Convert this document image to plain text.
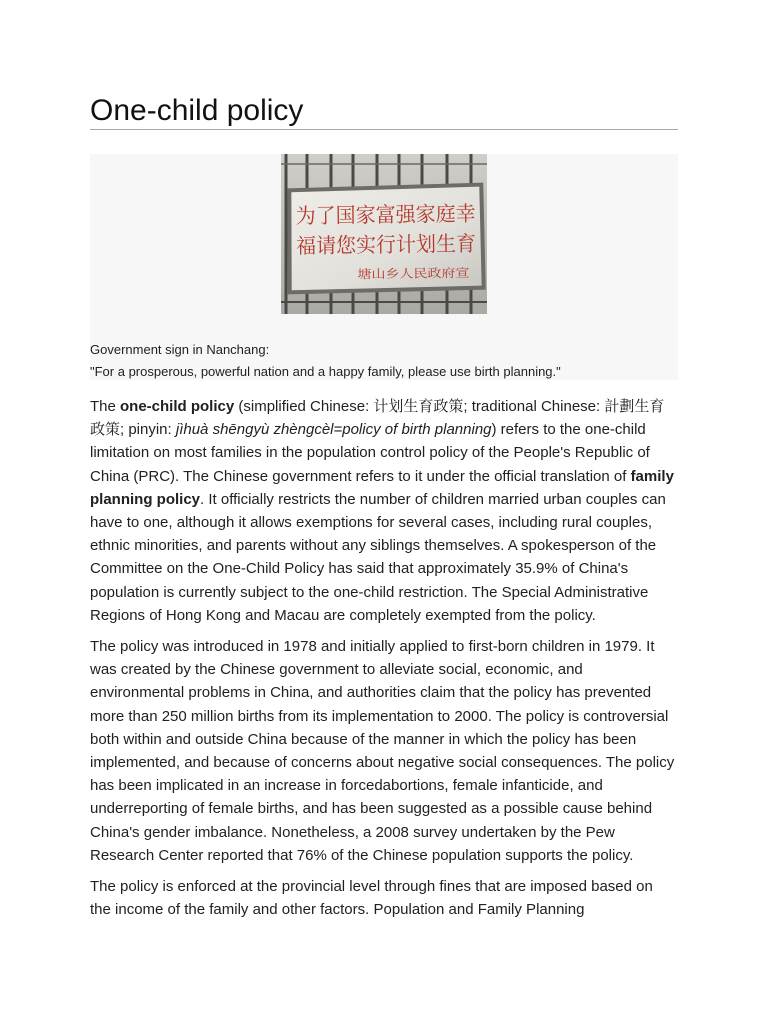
One-child policy
为了国家富强家庭幸
福请您实行计划生育
塘山乡人民政府宣
Government sign in Nanchang:
"For a prosperous, powerful nation and a happy family, please use birth planning."
The one-child policy (simplified Chinese: 计划生育政策; traditional Chinese: 計劃生育
政策; pinyin: jìhuà shēngyù zhèngcèl=policy of birth planning) refers to the one-child
limitation on most families in the population control policy of the People's Republic of
China (PRC). The Chinese government refers to it under the official translation of family
planning policy. It officially restricts the number of children married urban couples can
have to one, although it allows exemptions for several cases, including rural couples,
ethnic minorities, and parents without any siblings themselves. A spokesperson of the
Committee on the One-Child Policy has said that approximately 35.9% of China's
population is currently subject to the one-child restriction. The Special Administrative
Regions of Hong Kong and Macau are completely exempted from the policy.
The policy was introduced in 1978 and initially applied to first-born children in 1979. It
was created by the Chinese government to alleviate social, economic, and
environmental problems in China, and authorities claim that the policy has prevented
more than 250 million births from its implementation to 2000. The policy is controversial
both within and outside China because of the manner in which the policy has been
implemented, and because of concerns about negative social consequences. The policy
has been implicated in an increase in forcedabortions, female infanticide, and
underreporting of female births, and has been suggested as a possible cause behind
China's gender imbalance. Nonetheless, a 2008 survey undertaken by the Pew
Research Center reported that 76% of the Chinese population supports the policy.
The policy is enforced at the provincial level through fines that are imposed based on
the income of the family and other factors. Population and Family Planning
